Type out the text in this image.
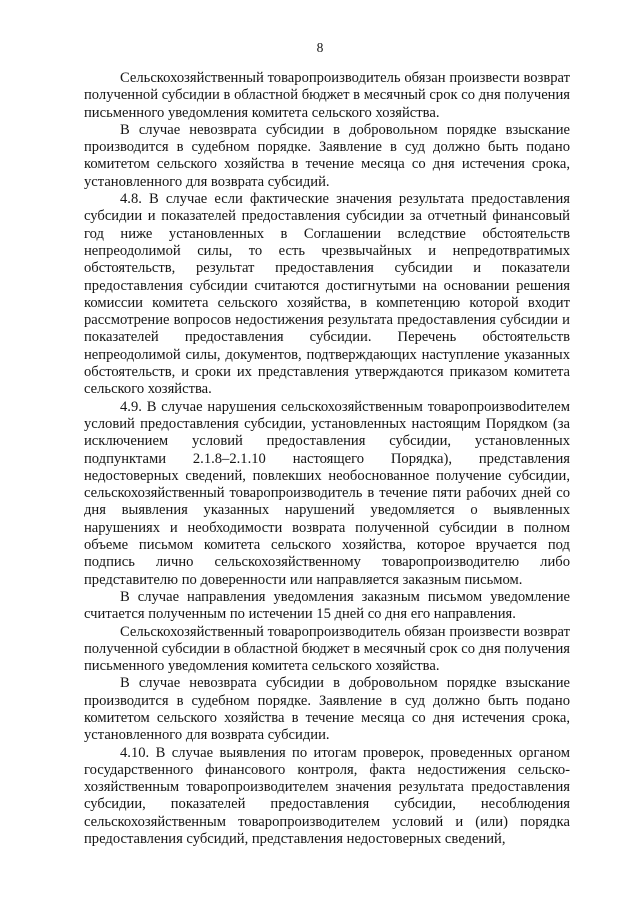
8

Сельскохозяйственный товаропроизводитель обязан произвести возврат полученной субсидии в областной бюджет в месячный срок со дня получения письменного уведомления комитета сельского хозяйства.

В случае невозврата субсидии в добровольном порядке взыскание производится в судебном порядке. Заявление в суд должно быть подано комитетом сельского хозяйства в течение месяца со дня истечения срока, установленного для возврата субсидий.

4.8. В случае если фактические значения результата предоставления субсидии и показателей предоставления субсидии за отчетный финансовый год ниже установленных в Соглашении вследствие обстоятельств непреодолимой силы, то есть чрезвычайных и непредотвратимых обстоятельств, результат предоставления субсидии и показатели предоставления субсидии считаются достигнутыми на основании решения комиссии комитета сельского хозяйства, в компетенцию которой входит рассмотрение вопросов недостижения результата предоставления субсидии и показателей предоставления субсидии. Перечень обстоятельств непреодолимой силы, документов, подтверждающих наступление указанных обстоятельств, и сроки их представления утверждаются приказом комитета сельского хозяйства.

4.9. В случае нарушения сельскохозяйственным товаропроизвоdителем условий предоставления субсидии, установленных настоящим Порядком (за исключением условий предоставления субсидии, установленных подпунктами 2.1.8–2.1.10 настоящего Порядка), представления недостоверных сведений, повлекших необоснованное получение субсидии, сельскохозяйственный товаропроизводитель в течение пяти рабочих дней со дня выявления указанных нарушений уведомляется о выявленных нарушениях и необходимости возврата полученной субсидии в полном объеме письмом комитета сельского хозяйства, которое вручается под подпись лично сельскохозяйственному товаропроизводителю либо представителю по доверенности или направляется заказным письмом.

В случае направления уведомления заказным письмом уведомление считается полученным по истечении 15 дней со дня его направления.

Сельскохозяйственный товаропроизводитель обязан произвести возврат полученной субсидии в областной бюджет в месячный срок со дня получения письменного уведомления комитета сельского хозяйства.

В случае невозврата субсидии в добровольном порядке взыскание производится в судебном порядке. Заявление в суд должно быть подано комитетом сельского хозяйства в течение месяца со дня истечения срока, установленного для возврата субсидии.

4.10. В случае выявления по итогам проверок, проведенных органом государственного финансового контроля, факта недостижения сельскохозяйственным товаропроизводителем значения результата предоставления субсидии, показателей предоставления субсидии, несоблюдения сельскохозяйственным товаропроизводителем условий и (или) порядка предоставления субсидий, представления недостоверных сведений,
